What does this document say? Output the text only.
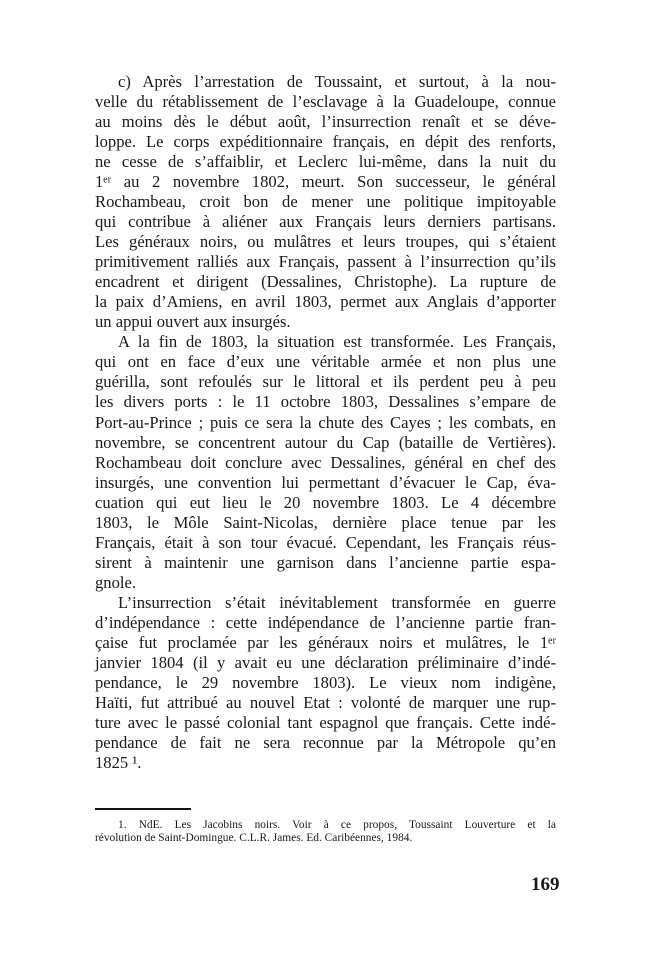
c) Après l’arrestation de Toussaint, et surtout, à la nou-
velle du rétablissement de l’esclavage à la Guadeloupe, connue
au moins dès le début août, l’insurrection renaît et se déve-
loppe. Le corps expéditionnaire français, en dépit des renforts,
ne cesse de s’affaiblir, et Leclerc lui-même, dans la nuit du
1ᵉʳ au 2 novembre 1802, meurt. Son successeur, le général
Rochambeau, croit bon de mener une politique impitoyable
qui contribue à aliéner aux Français leurs derniers partisans.
Les généraux noirs, ou mulâtres et leurs troupes, qui s’étaient
primitivement ralliés aux Français, passent à l’insurrection qu’ils
encadrent et dirigent (Dessalines, Christophe). La rupture de
la paix d’Amiens, en avril 1803, permet aux Anglais d’apporter
un appui ouvert aux insurgés.
A la fin de 1803, la situation est transformée. Les Français,
qui ont en face d’eux une véritable armée et non plus une
guérilla, sont refoulés sur le littoral et ils perdent peu à peu
les divers ports : le 11 octobre 1803, Dessalines s’empare de
Port-au-Prince ; puis ce sera la chute des Cayes ; les combats, en
novembre, se concentrent autour du Cap (bataille de Vertières).
Rochambeau doit conclure avec Dessalines, général en chef des
insurgés, une convention lui permettant d’évacuer le Cap, éva-
cuation qui eut lieu le 20 novembre 1803. Le 4 décembre
1803, le Môle Saint-Nicolas, dernière place tenue par les
Français, était à son tour évacué. Cependant, les Français réus-
sirent à maintenir une garnison dans l’ancienne partie espa-
gnole.
L’insurrection s’était inévitablement transformée en guerre
d’indépendance : cette indépendance de l’ancienne partie fran-
çaise fut proclamée par les généraux noirs et mulâtres, le 1ᵉʳ
janvier 1804 (il y avait eu une déclaration préliminaire d’indé-
pendance, le 29 novembre 1803). Le vieux nom indigène,
Haïti, fut attribué au nouvel Etat : volonté de marquer une rup-
ture avec le passé colonial tant espagnol que français. Cette indé-
pendance de fait ne sera reconnue par la Métropole qu’en
1825 ¹.
1. NdE. Les Jacobins noirs. Voir à ce propos, Toussaint Louverture et la
révolution de Saint-Domingue. C.L.R. James. Ed. Caribéennes, 1984.
169
